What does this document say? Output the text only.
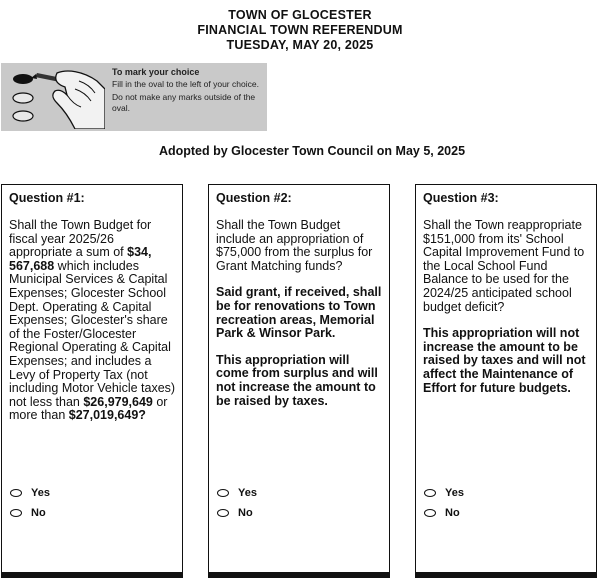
TOWN OF GLOCESTER
FINANCIAL TOWN REFERENDUM
TUESDAY, MAY 20, 2025
To mark your choice
Fill in the oval to the left of your choice.
Do not make any marks outside of the oval.
Adopted by Glocester Town Council on May 5, 2025
Question #1:
Shall the Town Budget for fiscal year 2025/26 appropriate a sum of $34, 567,688 which includes Municipal Services & Capital Expenses; Glocester School Dept. Operating & Capital Expenses; Glocester's share of the Foster/Glocester Regional Operating & Capital Expenses; and includes a Levy of Property Tax (not including Motor Vehicle taxes) not less than $26,979,649 or more than $27,019,649?
Yes
No
Question #2:
Shall the Town Budget include an appropriation of $75,000 from the surplus for Grant Matching funds?
Said grant, if received, shall be for renovations to Town recreation areas, Memorial Park & Winsor Park.
This appropriation will come from surplus and will not increase the amount to be raised by taxes.
Yes
No
Question #3:
Shall the Town reappropriate $151,000 from its' School Capital Improvement Fund to the Local School Fund Balance to be used for the 2024/25 anticipated school budget deficit?
This appropriation will not increase the amount to be raised by taxes and will not affect the Maintenance of Effort for future budgets.
Yes
No
